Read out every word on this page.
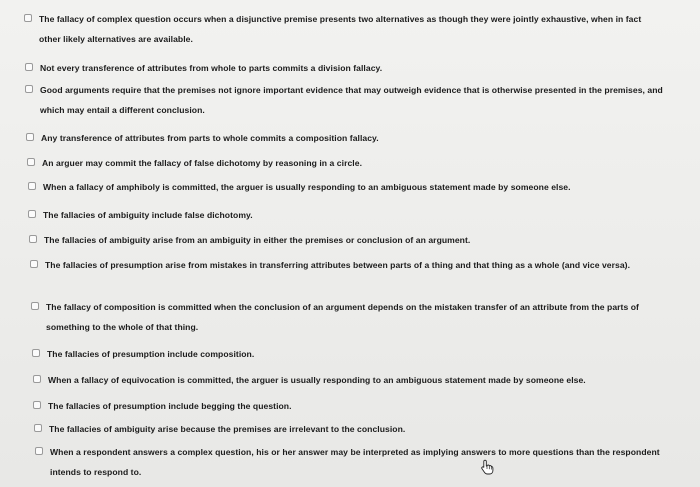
The fallacy of complex question occurs when a disjunctive premise presents two alternatives as though they were jointly exhaustive, when in fact other likely alternatives are available.
Not every transference of attributes from whole to parts commits a division fallacy.
Good arguments require that the premises not ignore important evidence that may outweigh evidence that is otherwise presented in the premises, and which may entail a different conclusion.
Any transference of attributes from parts to whole commits a composition fallacy.
An arguer may commit the fallacy of false dichotomy by reasoning in a circle.
When a fallacy of amphiboly is committed, the arguer is usually responding to an ambiguous statement made by someone else.
The fallacies of ambiguity include false dichotomy.
The fallacies of ambiguity arise from an ambiguity in either the premises or conclusion of an argument.
The fallacies of presumption arise from mistakes in transferring attributes between parts of a thing and that thing as a whole (and vice versa).
The fallacy of composition is committed when the conclusion of an argument depends on the mistaken transfer of an attribute from the parts of something to the whole of that thing.
The fallacies of presumption include composition.
When a fallacy of equivocation is committed, the arguer is usually responding to an ambiguous statement made by someone else.
The fallacies of presumption include begging the question.
The fallacies of ambiguity arise because the premises are irrelevant to the conclusion.
When a respondent answers a complex question, his or her answer may be interpreted as implying answers to more questions than the respondent intends to respond to.
